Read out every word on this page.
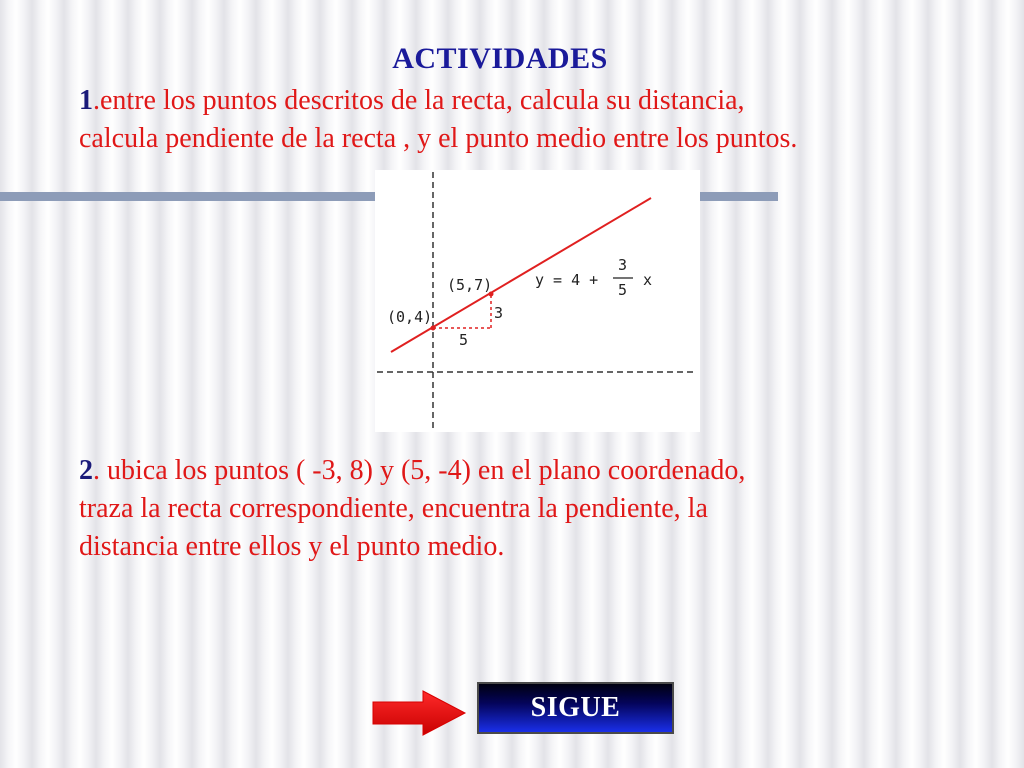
ACTIVIDADES
1.entre los puntos descritos de la recta, calcula su distancia,
calcula pendiente de la recta , y el punto medio entre los puntos.
(0,4)
(5,7)
3
5
y = 4 +
3
5
x
2. ubica los puntos ( -3, 8) y (5, -4) en el plano coordenado,
traza la recta correspondiente, encuentra la pendiente, la
distancia entre ellos y el punto medio.
SIGUE
